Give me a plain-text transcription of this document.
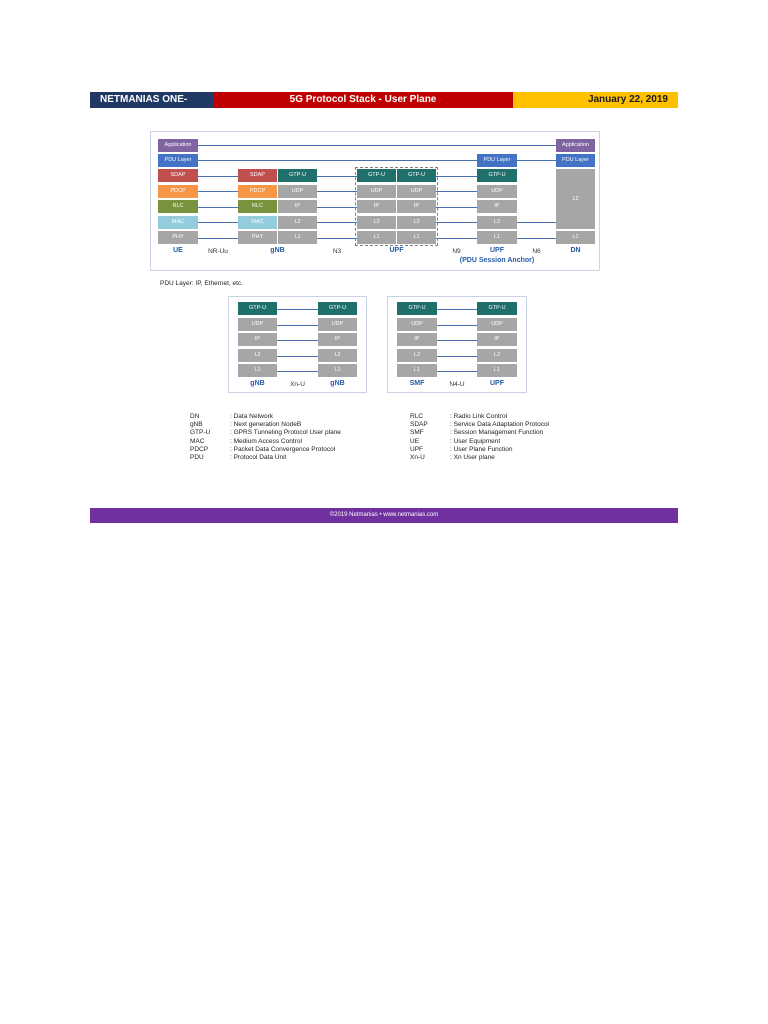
NETMANIAS ONE-SHOT
5G Protocol Stack - User Plane	January 22, 2019
Application
PDU Layer
SDAP
PDCP
RLC
MAC
PHY
SDAP
PDCP
RLC
MAC
PHY
GTP-U
UDP
IP
L2
L1
GTP-U
UDP
IP
L2
L1
GTP-U
UDP
IP
L2
L1
PDU Layer
GTP-U
UDP
IP
L2
L1
Application
PDU Layer
L2
L1
UE	gNB	UPF	UPF
(PDU Session Anchor)
DN
NR-Uu	N3	N9	N6
PDU Layer: IP, Ethernet, etc.
GTP-U
UDP
IP
L2
L1
GTP-U
UDP
IP
L2
L1
gNB	Xn-U	gNB
GTP-U
UDP
IP
L2
L1
GTP-U
UDP
IP
L2
L1
SMF	N4-U	UPF
DN	: Data Network
gNB	: Next generation NodeB
GTP-U	: GPRS Tunneling Protocol User plane
MAC	: Medium Access Control
PDCP	: Packet Data Convergence Protocol
PDU	: Protocol Data Unit
RLC	: Radio Link Control
SDAP	: Service Data Adaptation Protocol
SMF	: Session Management Function
UE	: User Equipment
UPF	: User Plane Function
Xn-U	: Xn User plane
©2019 Netmanias • www.netmanias.com
